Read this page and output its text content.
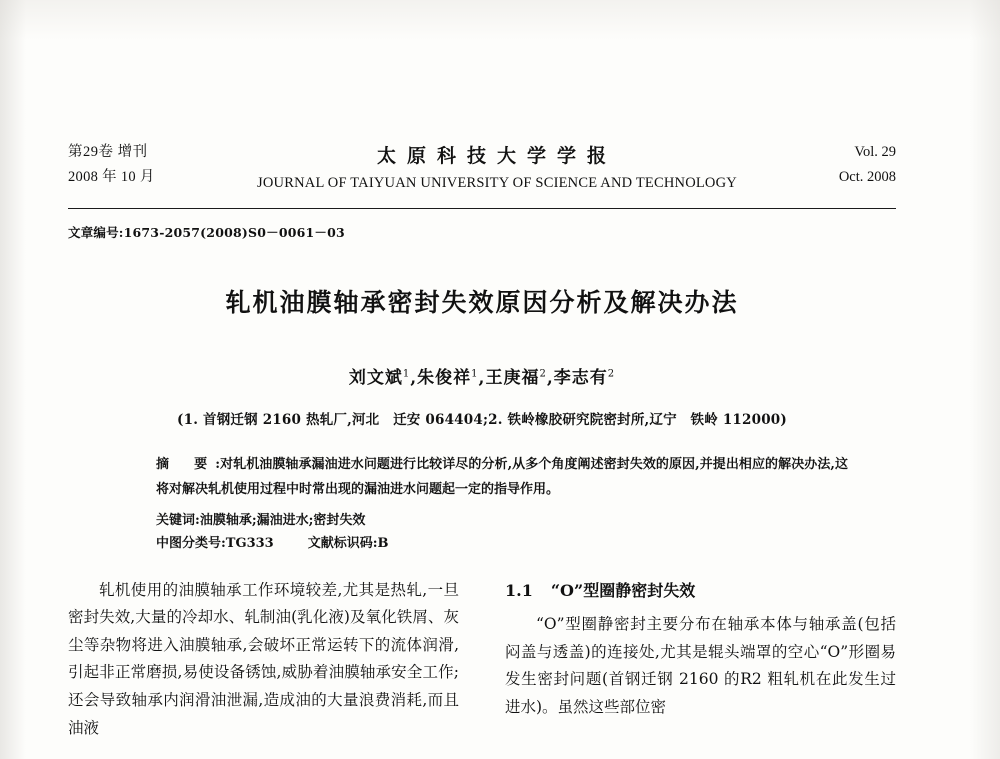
第29卷 增刊
2008 年 10 月
太原科技大学学报
JOURNAL OF TAIYUAN UNIVERSITY OF SCIENCE AND TECHNOLOGY
Vol. 29
Oct. 2008
文章编号:1673-2057(2008)S0－0061－03
轧机油膜轴承密封失效原因分析及解决办法
刘文斌$^1$,朱俊祥$^1$,王庚福$^2$,李志有$^2$
(1. 首钢迁钢 2160 热轧厂,河北　迁安 064404;2. 铁岭橡胶研究院密封所,辽宁　铁岭 112000)
摘　要 :对轧机油膜轴承漏油进水问题进行比较详尽的分析,从多个角度阐述密封失效的原因,并提出相应的解决办法,这将对解决轧机使用过程中时常出现的漏油进水问题起一定的指导作用。
关键词:油膜轴承;漏油进水;密封失效
中图分类号:TG333	文献标识码:B

轧机使用的油膜轴承工作环境较差,尤其是热轧,一旦密封失效,大量的冷却水、轧制油(乳化液)及氧化铁屑、灰尘等杂物将进入油膜轴承,会破坏正常运转下的流体润滑,引起非正常磨损,易使设备锈蚀,威胁着油膜轴承安全工作;还会导致轴承内润滑油泄漏,造成油的大量浪费消耗,而且油液

1.1 “O”型圈静密封失效

“O”型圈静密封主要分布在轴承本体与轴承盖(包括闷盖与透盖)的连接处,尤其是辊头端罩的空心“O”形圈易发生密封问题(首钢迁钢 2160 的R2 粗轧机在此发生过进水)。虽然这些部位密
